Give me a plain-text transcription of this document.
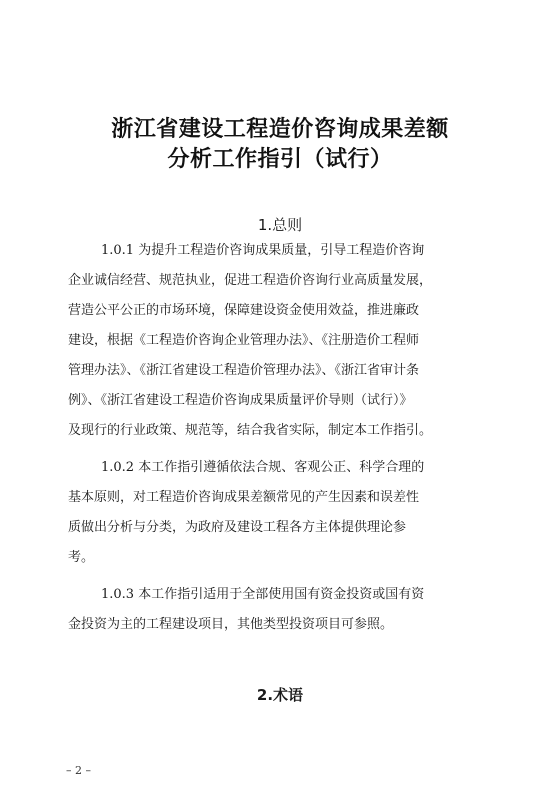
浙江省建设工程造价咨询成果差额
分析工作指引（试行）
1.总则
1.0.1 为提升工程造价咨询成果质量，引导工程造价咨询
企业诚信经营、规范执业，促进工程造价咨询行业高质量发展，
营造公平公正的市场环境，保障建设资金使用效益，推进廉政
建设，根据《工程造价咨询企业管理办法》、《注册造价工程师
管理办法》、《浙江省建设工程造价管理办法》、《浙江省审计条
例》、《浙江省建设工程造价咨询成果质量评价导则（试行）》
及现行的行业政策、规范等，结合我省实际，制定本工作指引。
1.0.2 本工作指引遵循依法合规、客观公正、科学合理的
基本原则，对工程造价咨询成果差额常见的产生因素和误差性
质做出分析与分类，为政府及建设工程各方主体提供理论参
考。
1.0.3 本工作指引适用于全部使用国有资金投资或国有资
金投资为主的工程建设项目，其他类型投资项目可参照。
2.术语
– 2 –
